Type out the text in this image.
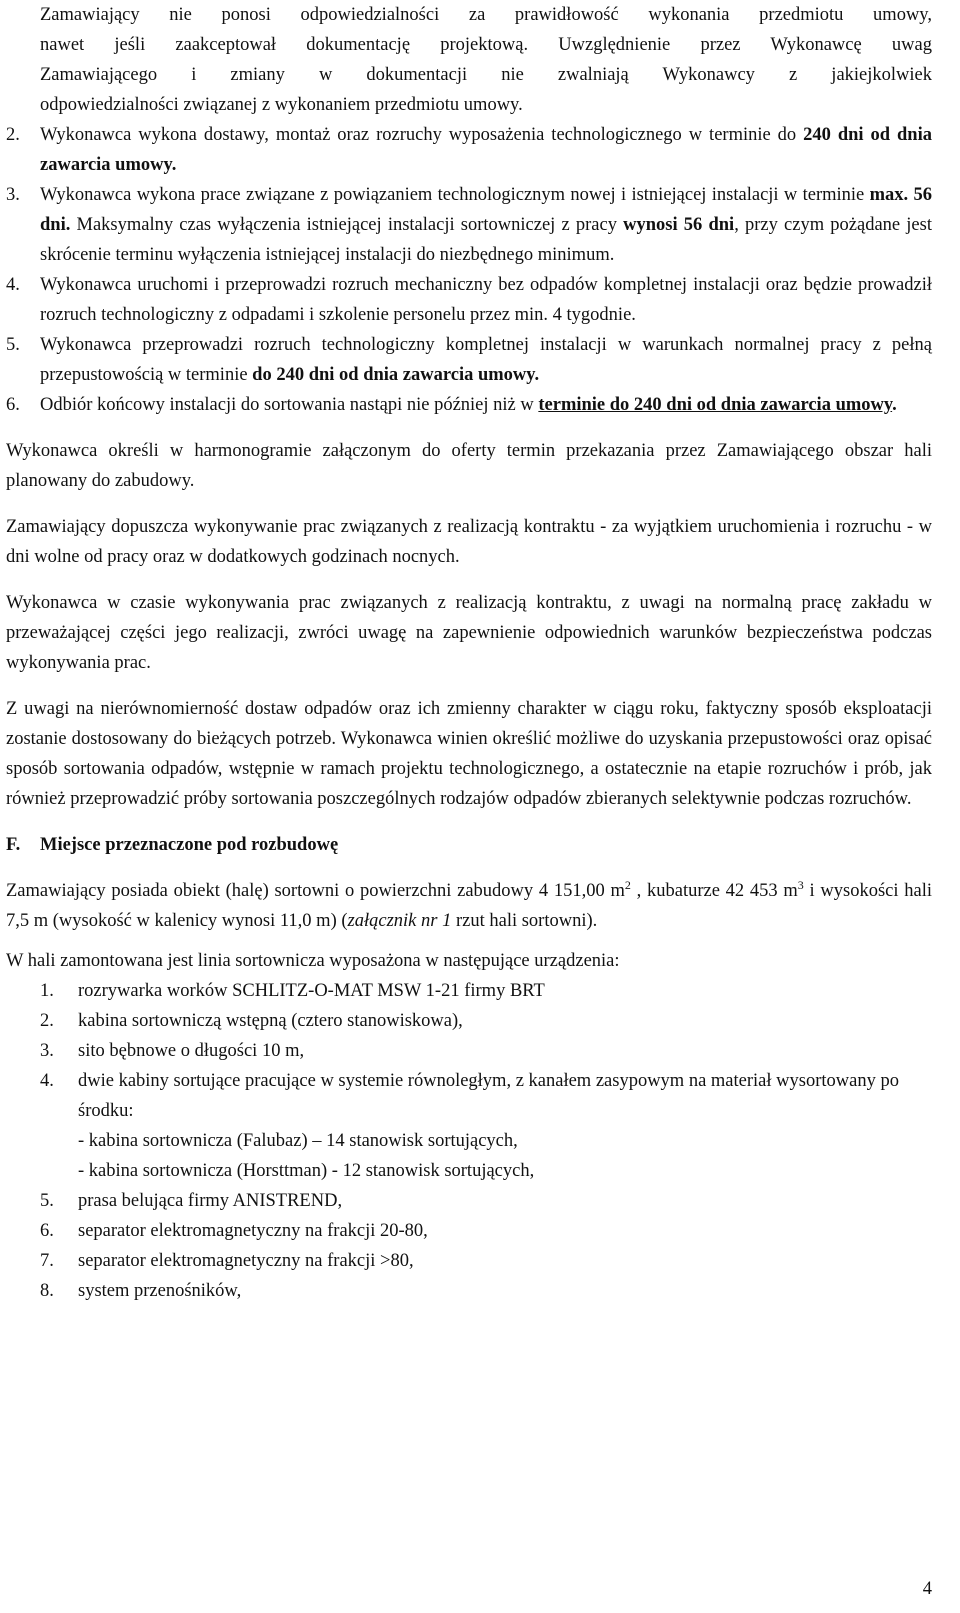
Zamawiający nie ponosi odpowiedzialności za prawidłowość wykonania przedmiotu umowy,
nawet jeśli zaakceptował dokumentację projektową. Uwzględnienie przez Wykonawcę uwag
Zamawiającego i zmiany w dokumentacji nie zwalniają Wykonawcy z jakiejkolwiek
odpowiedzialności związanej z wykonaniem przedmiotu umowy.

2. Wykonawca wykona dostawy, montaż oraz rozruchy wyposażenia technologicznego w terminie do 240 dni od dnia zawarcia umowy.

3. Wykonawca wykona prace związane z powiązaniem technologicznym nowej i istniejącej instalacji w terminie max. 56 dni. Maksymalny czas wyłączenia istniejącej instalacji sortowniczej z pracy wynosi 56 dni, przy czym pożądane jest skrócenie terminu wyłączenia istniejącej instalacji do niezbędnego minimum.

4. Wykonawca uruchomi i przeprowadzi rozruch mechaniczny bez odpadów kompletnej instalacji oraz będzie prowadził rozruch technologiczny z odpadami i szkolenie personelu przez min. 4 tygodnie.

5. Wykonawca przeprowadzi rozruch technologiczny kompletnej instalacji w warunkach normalnej pracy z pełną przepustowością w terminie do 240 dni od dnia zawarcia umowy.

6. Odbiór końcowy instalacji do sortowania nastąpi nie później niż w terminie do 240 dni od dnia zawarcia umowy.

Wykonawca określi w harmonogramie załączonym do oferty termin przekazania przez Zamawiającego obszar hali planowany do zabudowy.

Zamawiający dopuszcza wykonywanie prac związanych z realizacją kontraktu - za wyjątkiem uruchomienia i rozruchu - w dni wolne od pracy oraz w dodatkowych godzinach nocnych.

Wykonawca w czasie wykonywania prac związanych z realizacją kontraktu, z uwagi na normalną pracę zakładu w przeważającej części jego realizacji, zwróci uwagę na zapewnienie odpowiednich warunków bezpieczeństwa podczas wykonywania prac.

Z uwagi na nierównomierność dostaw odpadów oraz ich zmienny charakter w ciągu roku, faktyczny sposób eksploatacji zostanie dostosowany do bieżących potrzeb. Wykonawca winien określić możliwe do uzyskania przepustowości oraz opisać sposób sortowania odpadów, wstępnie w ramach projektu technologicznego, a ostatecznie na etapie rozruchów i prób, jak również przeprowadzić próby sortowania poszczególnych rodzajów odpadów zbieranych selektywnie podczas rozruchów.

F. Miejsce przeznaczone pod rozbudowę

Zamawiający posiada obiekt (halę) sortowni o powierzchni zabudowy 4 151,00 $m^2$ , kubaturze 42 453 $m^3$ i wysokości hali 7,5 m (wysokość w kalenicy wynosi 11,0 m) (załącznik nr 1 rzut hali sortowni).

W hali zamontowana jest linia sortownicza wyposażona w następujące urządzenia:

1. rozrywarka worków SCHLITZ-O-MAT MSW 1-21 firmy BRT

2. kabina sortowniczą wstępną (cztero stanowiskowa),

3. sito bębnowe o długości 10 m,

4. dwie kabiny sortujące pracujące w systemie równoległym, z kanałem zasypowym na materiał wysortowany po środku:

- kabina sortownicza (Falubaz) – 14 stanowisk sortujących,

- kabina sortownicza (Horsttman) - 12 stanowisk sortujących,

5. prasa belująca firmy ANISTREND,

6. separator elektromagnetyczny na frakcji 20-80,

7. separator elektromagnetyczny na frakcji >80,

8. system przenośników,

4
